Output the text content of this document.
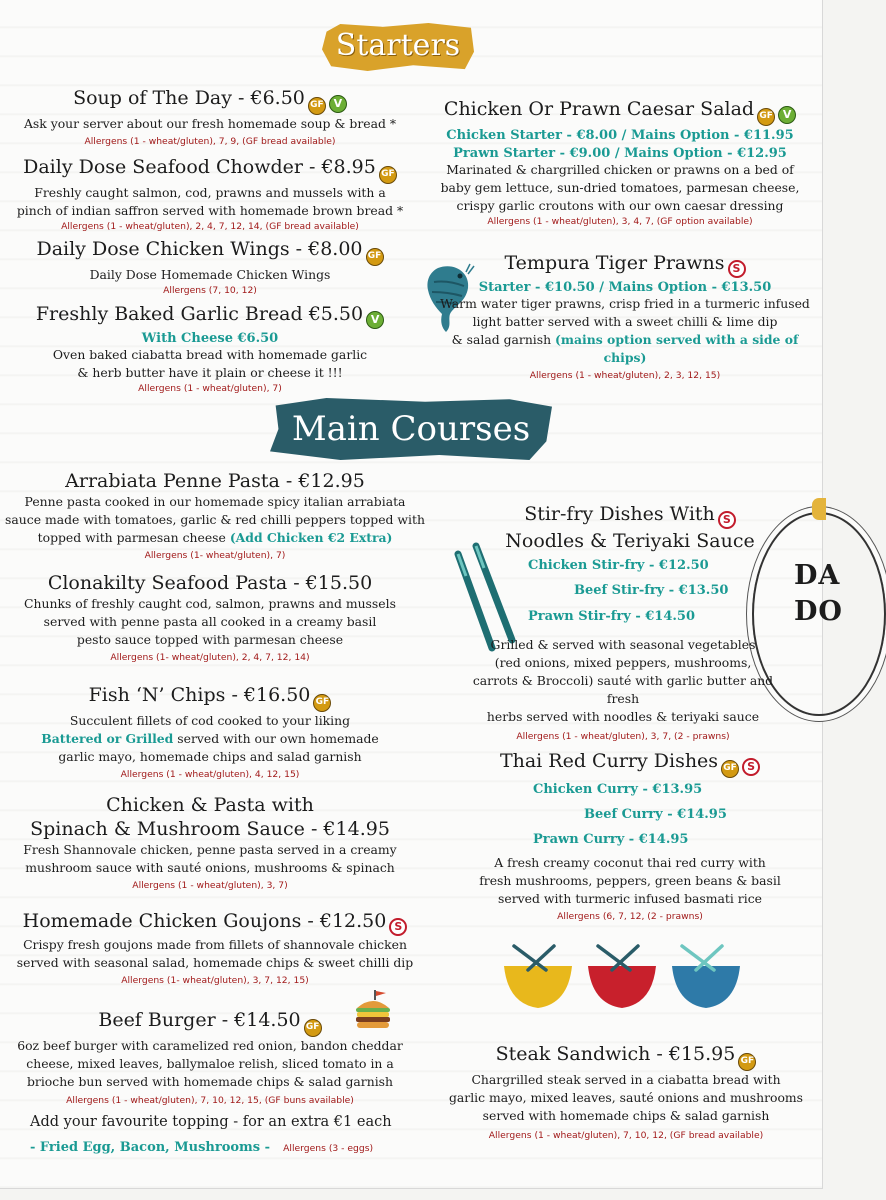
Starters
Soup of The Day - €6.50 GF V
Ask your server about our fresh homemade soup & bread *
Allergens (1 - wheat/gluten), 7, 9, (GF bread available)
Daily Dose Seafood Chowder - €8.95 GF
Freshly caught salmon, cod, prawns and mussels with a
pinch of indian saffron served with homemade brown bread *
Allergens (1 - wheat/gluten), 2, 4, 7, 12, 14, (GF bread available)
Daily Dose Chicken Wings - €8.00 GF
Daily Dose Homemade Chicken Wings
Allergens (7, 10, 12)
Freshly Baked Garlic Bread €5.50 V
With Cheese €6.50
Oven baked ciabatta bread with homemade garlic
& herb butter have it plain or cheese it !!!
Allergens (1 - wheat/gluten), 7)
Chicken Or Prawn Caesar Salad GF V
Chicken Starter - €8.00 / Mains Option - €11.95
Prawn Starter - €9.00 / Mains Option - €12.95
Marinated & chargrilled chicken or prawns on a bed of
baby gem lettuce, sun-dried tomatoes, parmesan cheese,
crispy garlic croutons with our own caesar dressing
Allergens (1 - wheat/gluten), 3, 4, 7, (GF option available)
Tempura Tiger Prawns S
Starter - €10.50 / Mains Option - €13.50
Warm water tiger prawns, crisp fried in a turmeric infused
light batter served with a sweet chilli & lime dip
& salad garnish (mains option served with a side of chips)
Allergens (1 - wheat/gluten), 2, 3, 12, 15)
Main Courses
Arrabiata Penne Pasta - €12.95
Penne pasta cooked in our homemade spicy italian arrabiata
sauce made with tomatoes, garlic & red chilli peppers topped with
topped with parmesan cheese (Add Chicken €2 Extra)
Allergens (1- wheat/gluten), 7)
Clonakilty Seafood Pasta - €15.50
Chunks of freshly caught cod, salmon, prawns and mussels
served with penne pasta all cooked in a creamy basil
pesto sauce topped with parmesan cheese
Allergens (1- wheat/gluten), 2, 4, 7, 12, 14)
Fish ‘N’ Chips - €16.50 GF
Succulent fillets of cod cooked to your liking
Battered or Grilled served with our own homemade
garlic mayo, homemade chips and salad garnish
Allergens (1 - wheat/gluten), 4, 12, 15)
Chicken & Pasta with
Spinach & Mushroom Sauce - €14.95
Fresh Shannovale chicken, penne pasta served in a creamy
mushroom sauce with sauté onions, mushrooms & spinach
Allergens (1 - wheat/gluten), 3, 7)
Homemade Chicken Goujons - €12.50 S
Crispy fresh goujons made from fillets of shannovale chicken
served with seasonal salad, homemade chips & sweet chilli dip
Allergens (1- wheat/gluten), 3, 7, 12, 15)
Beef Burger - €14.50 GF
6oz beef burger with caramelized red onion, bandon cheddar
cheese, mixed leaves, ballymaloe relish, sliced tomato in a
brioche bun served with homemade chips & salad garnish
Allergens (1 - wheat/gluten), 7, 10, 12, 15, (GF buns available)
Add your favourite topping - for an extra €1 each
- Fried Egg, Bacon, Mushrooms - Allergens (3 - eggs)
DA
DO
Stir-fry Dishes With S
Noodles & Teriyaki Sauce
Chicken Stir-fry - €12.50
Beef Stir-fry - €13.50
Prawn Stir-fry - €14.50
Grilled & served with seasonal vegetables
(red onions, mixed peppers, mushrooms,
carrots & Broccoli) sauté with garlic butter and fresh
herbs served with noodles & teriyaki sauce
Allergens (1 - wheat/gluten), 3, 7, (2 - prawns)
Thai Red Curry Dishes GF S
Chicken Curry - €13.95
Beef Curry - €14.95
Prawn Curry - €14.95
A fresh creamy coconut thai red curry with
fresh mushrooms, peppers, green beans & basil
served with turmeric infused basmati rice
Allergens (6, 7, 12, (2 - prawns)
Steak Sandwich - €15.95 GF
Chargrilled steak served in a ciabatta bread with
garlic mayo, mixed leaves, sauté onions and mushrooms
served with homemade chips & salad garnish
Allergens (1 - wheat/gluten), 7, 10, 12, (GF bread available)
